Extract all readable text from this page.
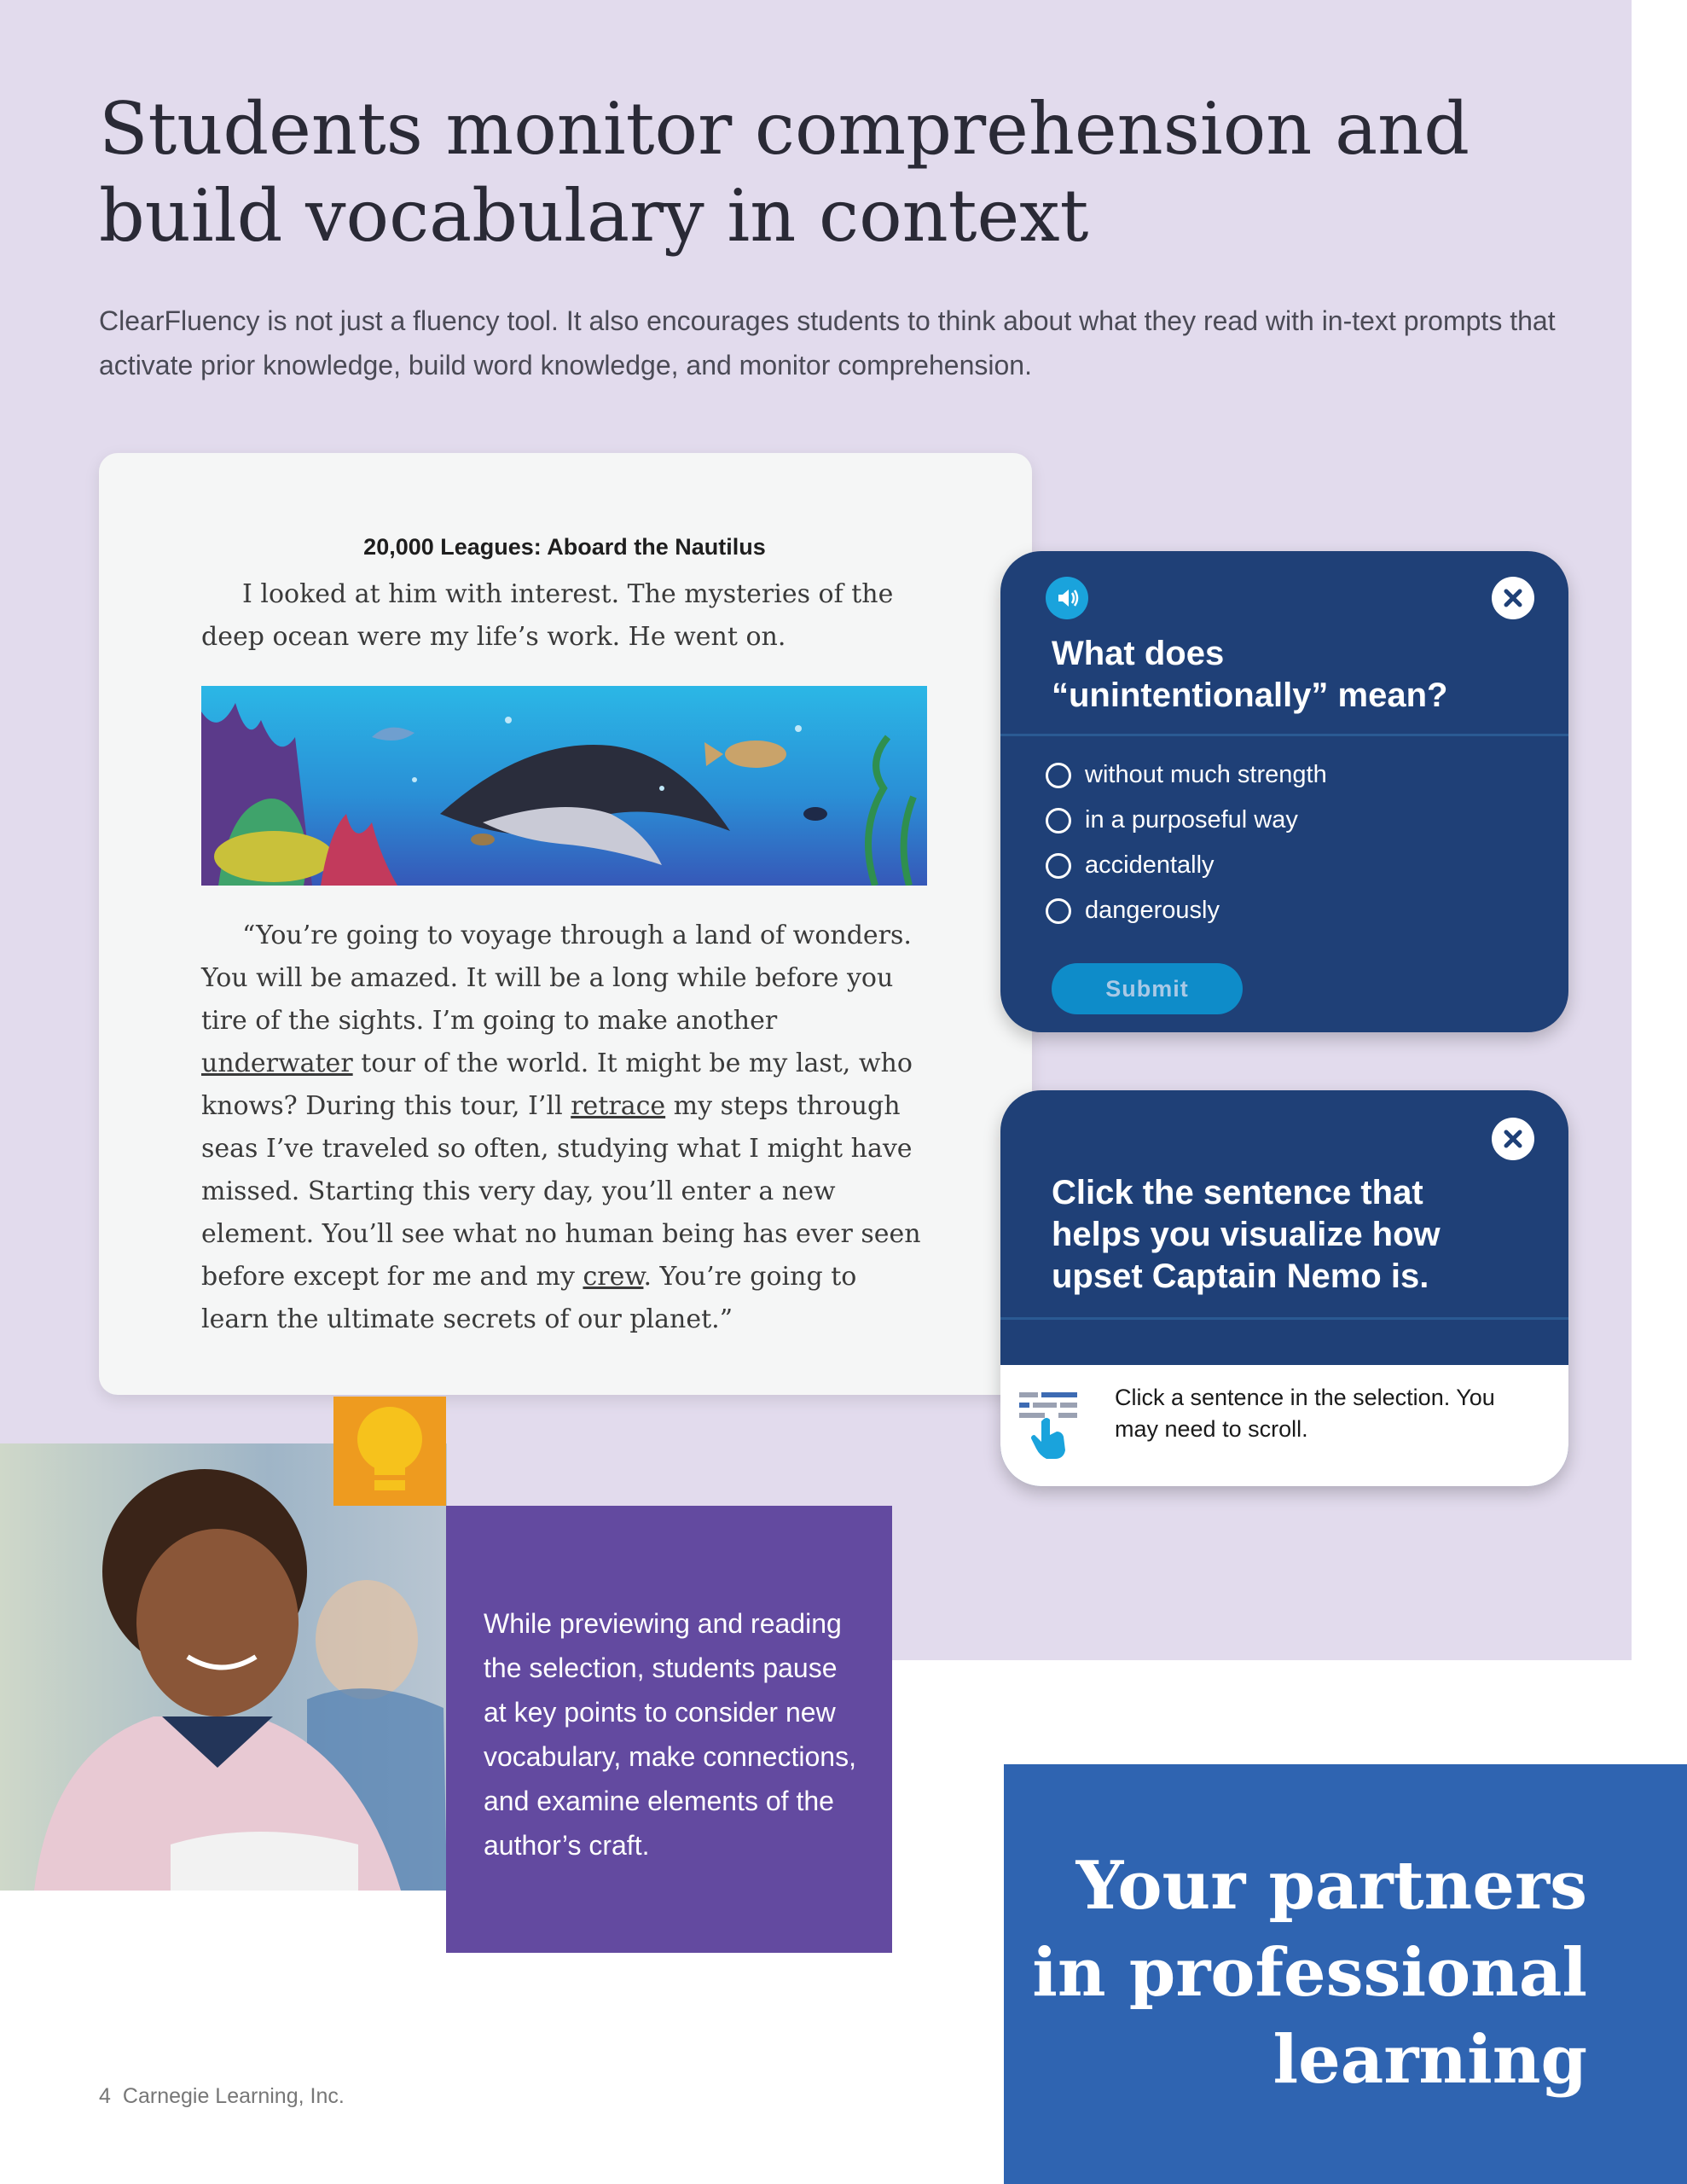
Students monitor comprehension and
build vocabulary in context

ClearFluency is not just a fluency tool. It also encourages students to think about what they read with in-text prompts that activate prior knowledge, build word knowledge, and monitor comprehension.

20,000 Leagues: Aboard the Nautilus

I looked at him with interest. The mysteries of the deep ocean were my life’s work. He went on.

“You’re going to voyage through a land of wonders. You will be amazed. It will be a long while before you tire of the sights. I’m going to make another underwater tour of the world. It might be my last, who knows? During this tour, I’ll retrace my steps through seas I’ve traveled so often, studying what I might have missed. Starting this very day, you’ll enter a new element. You’ll see what no human being has ever seen before except for me and my crew. You’re going to learn the ultimate secrets of our planet.”

What does
“unintentionally” mean?
without much strength
in a purposeful way
accidentally
dangerously
Submit
Click the sentence that
helps you visualize how
upset Captain Nemo is.

Click a sentence in the selection. You may need to scroll.

While previewing and reading the selection, students pause at key points to consider new vocabulary, make connections, and examine elements of the author’s craft.

Your partners
in professional
learning
4 Carnegie Learning, Inc.
